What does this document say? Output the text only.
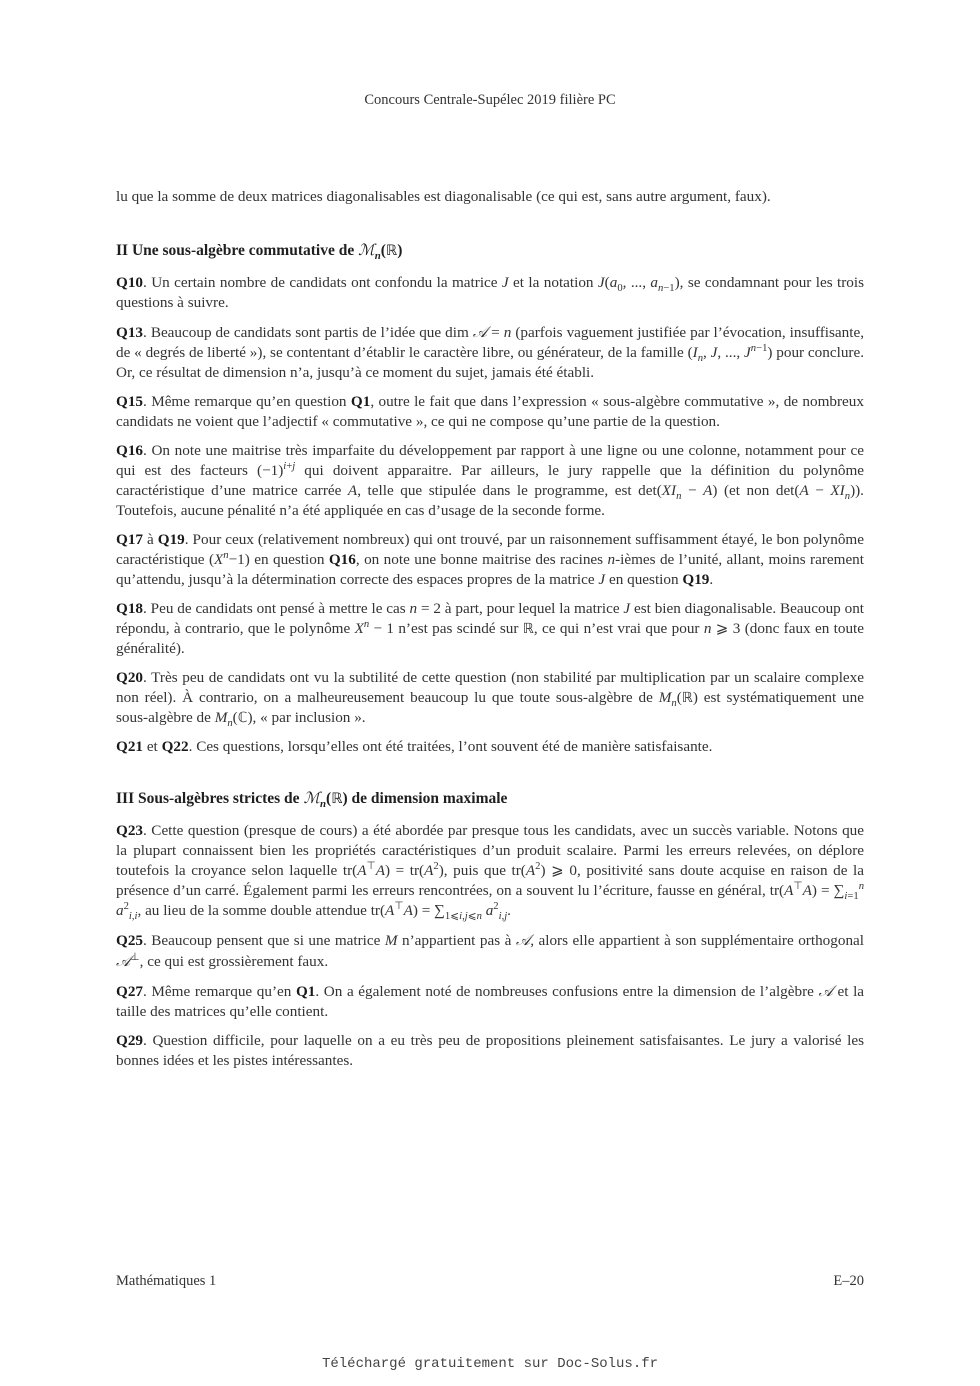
Concours Centrale-Supélec 2019 filière PC

lu que la somme de deux matrices diagonalisables est diagonalisable (ce qui est, sans autre argument, faux).

II Une sous-algèbre commutative de ℳ$_n$(ℝ)

Q10. Un certain nombre de candidats ont confondu la matrice J et la notation $J(a_0$, ..., $a_{n-1}$), se condamnant pour les trois questions à suivre.

Q13. Beaucoup de candidats sont partis de l’idée que dim 𝒜 = n (parfois vaguement justifiée par l’évocation, insuffisante, de « degrés de liberté »), se contentant d’établir le caractère libre, ou générateur, de la famille ($I_n$, J, ..., $J^{n-1}$) pour conclure. Or, ce résultat de dimension n’a, jusqu’à ce moment du sujet, jamais été établi.

Q15. Même remarque qu’en question Q1, outre le fait que dans l’expression « sous-algèbre commutative », de nombreux candidats ne voient que l’adjectif « commutative », ce qui ne compose qu’une partie de la question.

Q16. On note une maitrise très imparfaite du développement par rapport à une ligne ou une colonne, notamment pour ce qui est des facteurs $(-1)^{i+j}$ qui doivent apparaitre. Par ailleurs, le jury rappelle que la définition du polynôme caractéristique d’une matrice carrée A, telle que stipulée dans le programme, est $\det(XI_n - A)$ (et non $\det(A - XI_n)$). Toutefois, aucune pénalité n’a été appliquée en cas d’usage de la seconde forme.

Q17 à Q19. Pour ceux (relativement nombreux) qui ont trouvé, par un raisonnement suffisamment étayé, le bon polynôme caractéristique $(X^n-1)$ en question Q16, on note une bonne maitrise des racines n-ièmes de l’unité, allant, moins rarement qu’attendu, jusqu’à la détermination correcte des espaces propres de la matrice J en question Q19.

Q18. Peu de candidats ont pensé à mettre le cas n = 2 à part, pour lequel la matrice J est bien diagonalisable. Beaucoup ont répondu, à contrario, que le polynôme $X^n - 1$ n’est pas scindé sur ℝ, ce qui n’est vrai que pour n ⩾ 3 (donc faux en toute généralité).

Q20. Très peu de candidats ont vu la subtilité de cette question (non stabilité par multiplication par un scalaire complexe non réel). À contrario, on a malheureusement beaucoup lu que toute sous-algèbre de $M_n(ℝ)$ est systématiquement une sous-algèbre de $M_n(ℂ)$, « par inclusion ».

Q21 et Q22. Ces questions, lorsqu’elles ont été traitées, l’ont souvent été de manière satisfaisante.

III Sous-algèbres strictes de ℳ$_n$(ℝ) de dimension maximale

Q23. Cette question (presque de cours) a été abordée par presque tous les candidats, avec un succès variable. Notons que la plupart connaissent bien les propriétés caractéristiques d’un produit scalaire. Parmi les erreurs relevées, on déplore toutefois la croyance selon laquelle $tr(A^⊤A) = tr(A^2)$, puis que $tr(A^2)$ ⩾ 0, positivité sans doute acquise en raison de la présence d’un carré. Également parmi les erreurs rencontrées, on a souvent lu l’écriture, fausse en général, $tr(A^⊤A) = \sum_{i=1}^n$ $a^2_{i,i}$, au lieu de la somme double attendue $tr(A^⊤A) = \sum_{1⩽i,j⩽n}$ $a^2_{i,j}$.

Q25. Beaucoup pensent que si une matrice M n’appartient pas à 𝒜, alors elle appartient à son supplémentaire orthogonal 𝒜⊥, ce qui est grossièrement faux.

Q27. Même remarque qu’en Q1. On a également noté de nombreuses confusions entre la dimension de l’algèbre 𝒜 et la taille des matrices qu’elle contient.

Q29. Question difficile, pour laquelle on a eu très peu de propositions pleinement satisfaisantes. Le jury a valorisé les bonnes idées et les pistes intéressantes.

Mathématiques 1	E–20
Téléchargé gratuitement sur Doc-Solus.fr
